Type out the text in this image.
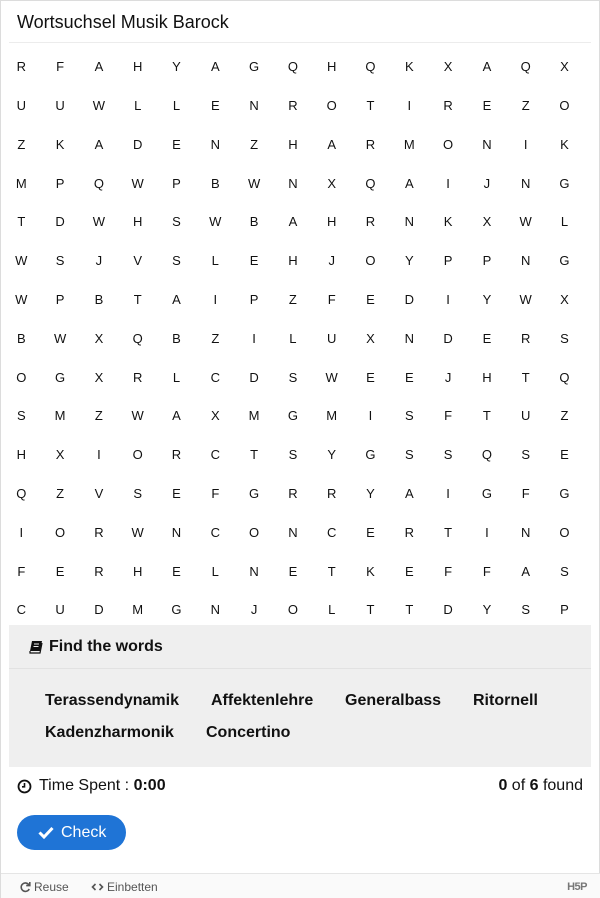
Wortsuchsel Musik Barock
R	F	A	H	Y	A	G	Q	H	Q	K	X	A	Q	X
U	U	W	L	L	E	N	R	O	T	I	R	E	Z	O
Z	K	A	D	E	N	Z	H	A	R	M	O	N	I	K
M	P	Q	W	P	B	W	N	X	Q	A	I	J	N	G
T	D	W	H	S	W	B	A	H	R	N	K	X	W	L
W	S	J	V	S	L	E	H	J	O	Y	P	P	N	G
W	P	B	T	A	I	P	Z	F	E	D	I	Y	W	X
B	W	X	Q	B	Z	I	L	U	X	N	D	E	R	S
O	G	X	R	L	C	D	S	W	E	E	J	H	T	Q
S	M	Z	W	A	X	M	G	M	I	S	F	T	U	Z
H	X	I	O	R	C	T	S	Y	G	S	S	Q	S	E
Q	Z	V	S	E	F	G	R	R	Y	A	I	G	F	G
I	O	R	W	N	C	O	N	C	E	R	T	I	N	O
F	E	R	H	E	L	N	E	T	K	E	F	F	A	S
C	U	D	M	G	N	J	O	L	T	T	D	Y	S	P
Find the words
Terassendynamik Affektenlehre Generalbass Ritornell
Kadenzharmonik Concertino
Time Spent : 0:00	0 of 6 found
Check
Reuse	Einbetten	H5P
